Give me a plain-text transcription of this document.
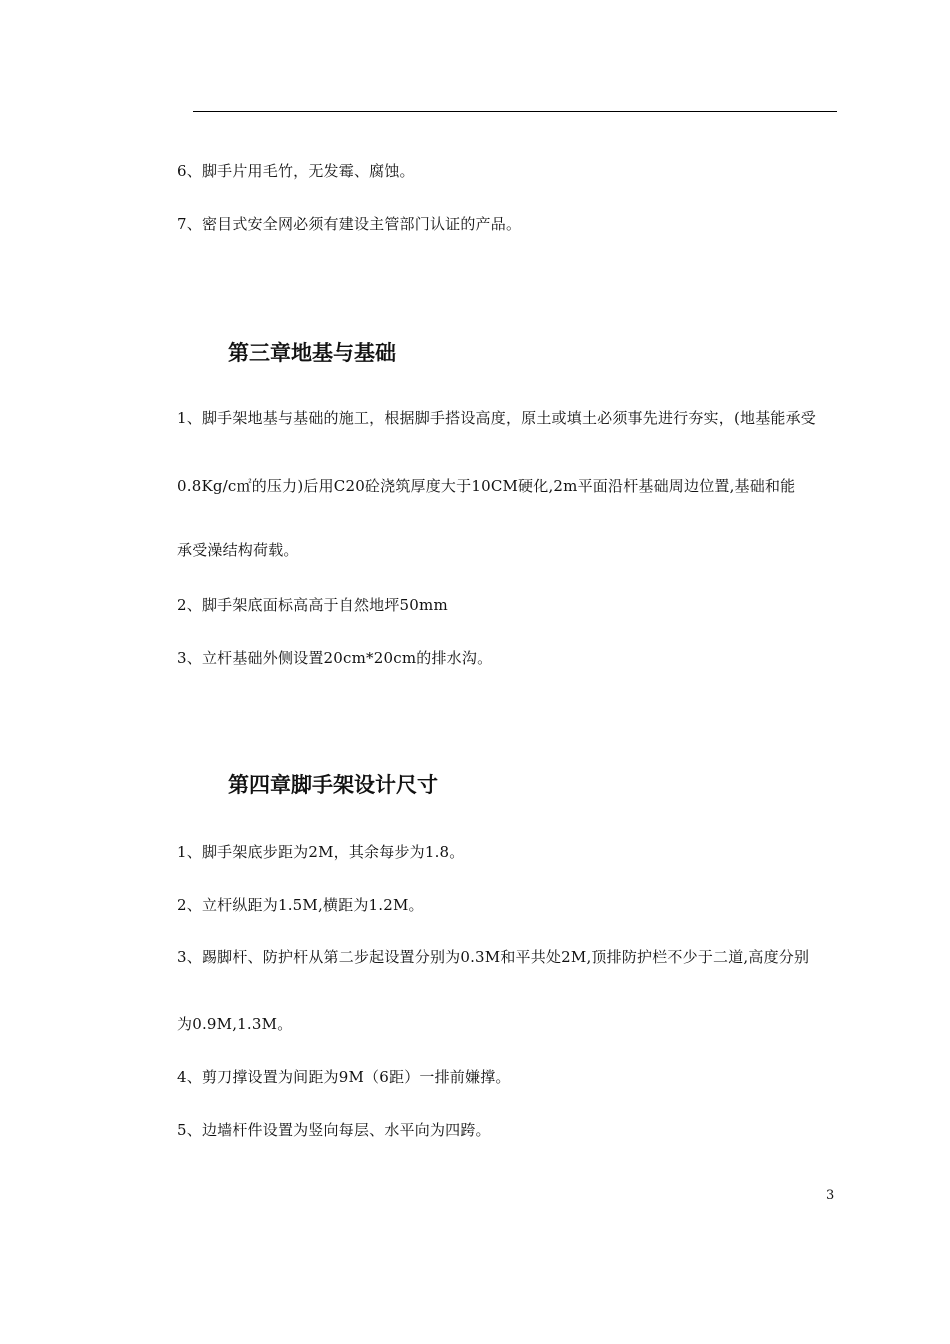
6、脚手片用毛竹，无发霉、腐蚀。
7、密目式安全网必须有建设主管部门认证的产品。
第三章地基与基础
1、脚手架地基与基础的施工，根据脚手搭设高度，原土或填土必须事先进行夯实，(地基能承受
0.8Kg/c㎡的压力)后用C20砼浇筑厚度大于10CM硬化,2m平面沿杆基础周边位置,基础和能
承受澡结构荷载。
2、脚手架底面标高高于自然地坪50mm
3、立杆基础外侧设置20cm*20cm的排水沟。
第四章脚手架设计尺寸
1、脚手架底步距为2M，其余每步为1.8。
2、立杆纵距为1.5M,横距为1.2M。
3、踢脚杆、防护杆从第二步起设置分别为0.3M和平共处2M,顶排防护栏不少于二道,高度分别
为0.9M,1.3M。
4、剪刀撑设置为间距为9M（6距）一排前嫌撑。
5、边墙杆件设置为竖向每层、水平向为四跨。
3
